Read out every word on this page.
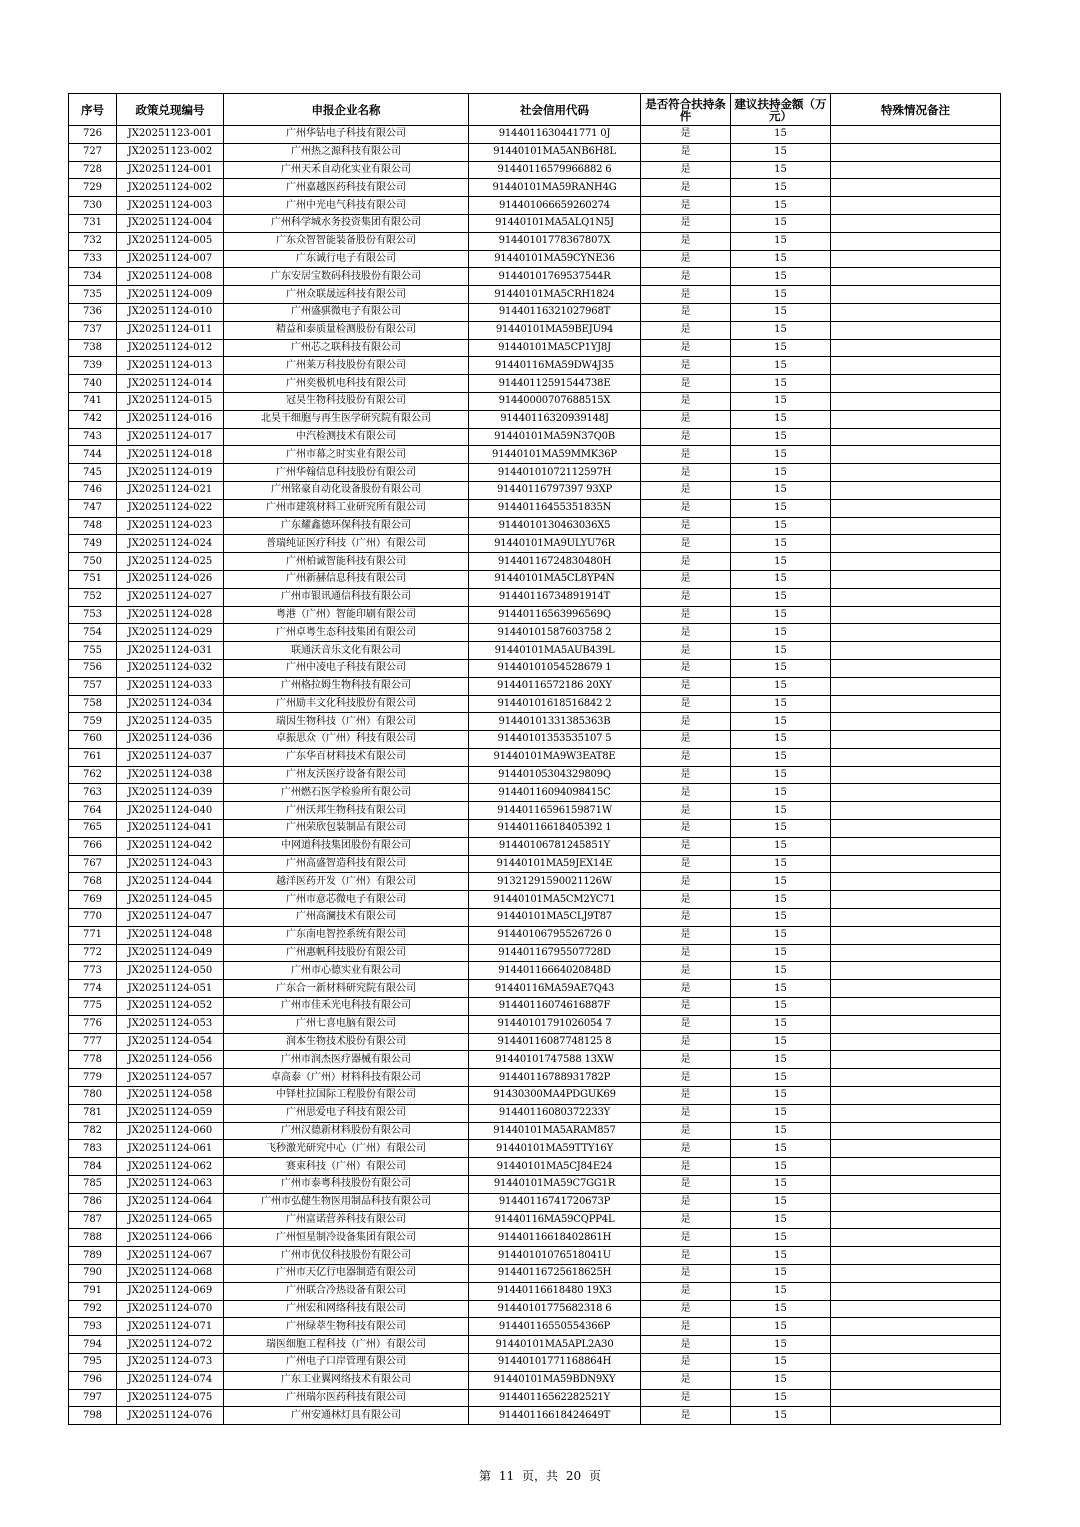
序号	政策兑现编号	申报企业名称	社会信用代码	是否符合扶持条件	建议扶持金额（万元）	特殊情况备注
726	JX20251123-001	广州华钻电子科技有限公司	9144011630441771 0J	是	15	
727	JX20251123-002	广州热之源科技有限公司	91440101MA5ANB6H8L	是	15	
728	JX20251124-001	广州天禾自动化实业有限公司	91440116579966882 6	是	15	
729	JX20251124-002	广州嘉越医药科技有限公司	91440101MA59RANH4G	是	15	
730	JX20251124-003	广州中光电气科技有限公司	914401066659260274	是	15	
731	JX20251124-004	广州科学城水务投资集团有限公司	91440101MA5ALQ1N5J	是	15	
732	JX20251124-005	广东众智智能装备股份有限公司	91440101778367807X	是	15	
733	JX20251124-007	广东诚行电子有限公司	91440101MA59CYNE36	是	15	
734	JX20251124-008	广东安居宝数码科技股份有限公司	91440101769537544R	是	15	
735	JX20251124-009	广州众联晟远科技有限公司	91440101MA5CRH1824	是	15	
736	JX20251124-010	广州盛骐微电子有限公司	91440116321027968T	是	15	
737	JX20251124-011	精益和泰质量检测股份有限公司	91440101MA59BEJU94	是	15	
738	JX20251124-012	广州芯之联科技有限公司	91440101MA5CP1YJ8J	是	15	
739	JX20251124-013	广州莱万科技股份有限公司	91440116MA59DW4J35	是	15	
740	JX20251124-014	广州奕极机电科技有限公司	91440112591544738E	是	15	
741	JX20251124-015	冠昊生物科技股份有限公司	91440000707688515X	是	15	
742	JX20251124-016	北昊干细胞与再生医学研究院有限公司	91440116320939148J	是	15	
743	JX20251124-017	中汽检测技术有限公司	91440101MA59N37Q0B	是	15	
744	JX20251124-018	广州市幕之时实业有限公司	91440101MA59MMK36P	是	15	
745	JX20251124-019	广州华翰信息科技股份有限公司	91440101072112597H	是	15	
746	JX20251124-021	广州铭豪自动化设备股份有限公司	91440116797397 93XP	是	15	
747	JX20251124-022	广州市建筑材料工业研究所有限公司	91440116455351835N	是	15	
748	JX20251124-023	广东耀鑫德环保科技有限公司	9144010130463036X5	是	15	
749	JX20251124-024	普瑞纯证医疗科技（广州）有限公司	91440101MA9ULYU76R	是	15	
750	JX20251124-025	广州柏诚智能科技有限公司	91440116724830480H	是	15	
751	JX20251124-026	广州新赫信息科技有限公司	91440101MA5CL8YP4N	是	15	
752	JX20251124-027	广州市银讯通信科技有限公司	91440116734891914T	是	15	
753	JX20251124-028	粤港（广州）智能印刷有限公司	91440116563996569Q	是	15	
754	JX20251124-029	广州卓粤生态科技集团有限公司	91440101587603758 2	是	15	
755	JX20251124-031	联通沃音乐文化有限公司	91440101MA5AUB439L	是	15	
756	JX20251124-032	广州中凌电子科技有限公司	91440101054528679 1	是	15	
757	JX20251124-033	广州格拉姆生物科技有限公司	91440116572186 20XY	是	15	
758	JX20251124-034	广州励丰文化科技股份有限公司	91440101618516842 2	是	15	
759	JX20251124-035	瑞因生物科技（广州）有限公司	91440101331385363B	是	15	
760	JX20251124-036	卓振思众（广州）科技有限公司	91440101353535107 5	是	15	
761	JX20251124-037	广东华百材料技术有限公司	91440101MA9W3EAT8E	是	15	
762	JX20251124-038	广州友沃医疗设备有限公司	91440105304329809Q	是	15	
763	JX20251124-039	广州燃石医学检验所有限公司	91440116094098415C	是	15	
764	JX20251124-040	广州沃邦生物科技有限公司	91440116596159871W	是	15	
765	JX20251124-041	广州荣欣包装制品有限公司	91440116618405392 1	是	15	
766	JX20251124-042	中网道科技集团股份有限公司	91440106781245851Y	是	15	
767	JX20251124-043	广州高盛智造科技有限公司	91440101MA59JEX14E	是	15	
768	JX20251124-044	越洋医药开发（广州）有限公司	91321291590021126W	是	15	
769	JX20251124-045	广州市意芯微电子有限公司	91440101MA5CM2YC71	是	15	
770	JX20251124-047	广州高澜技术有限公司	91440101MA5CLJ9T87	是	15	
771	JX20251124-048	广东南电智控系统有限公司	91440106795526726 0	是	15	
772	JX20251124-049	广州惠帆科技股份有限公司	91440116795507728D	是	15	
773	JX20251124-050	广州市心德实业有限公司	91440116664020848D	是	15	
774	JX20251124-051	广东合一新材料研究院有限公司	91440116MA59AE7Q43	是	15	
775	JX20251124-052	广州市佳禾光电科技有限公司	91440116074616887F	是	15	
776	JX20251124-053	广州七喜电脑有限公司	91440101791026054 7	是	15	
777	JX20251124-054	润本生物技术股份有限公司	91440116087748125 8	是	15	
778	JX20251124-056	广州市润杰医疗器械有限公司	91440101747588 13XW	是	15	
779	JX20251124-057	卓高泰（广州）材料科技有限公司	91440116788931782P	是	15	
780	JX20251124-058	中铎杜拉国际工程股份有限公司	91430300MA4PDGUK69	是	15	
781	JX20251124-059	广州思爱电子科技有限公司	91440116080372233Y	是	15	
782	JX20251124-060	广州汉德新材料股份有限公司	91440101MA5ARAM857	是	15	
783	JX20251124-061	飞秒激光研究中心（广州）有限公司	91440101MA59TTY16Y	是	15	
784	JX20251124-062	赛束科技（广州）有限公司	91440101MA5CJ84E24	是	15	
785	JX20251124-063	广州市泰粤科技股份有限公司	91440101MA59C7GG1R	是	15	
786	JX20251124-064	广州市弘健生物医用制品科技有限公司	91440116741720673P	是	15	
787	JX20251124-065	广州富诺营养科技有限公司	91440116MA59CQPP4L	是	15	
788	JX20251124-066	广州恒星制冷设备集团有限公司	91440116618402861H	是	15	
789	JX20251124-067	广州市优仪科技股份有限公司	91440101076518041U	是	15	
790	JX20251124-068	广州市天亿行电器制造有限公司	91440116725618625H	是	15	
791	JX20251124-069	广州联合冷热设备有限公司	91440116618480 19X3	是	15	
792	JX20251124-070	广州宏和网络科技有限公司	91440101775682318 6	是	15	
793	JX20251124-071	广州绿萃生物科技有限公司	91440116550554366P	是	15	
794	JX20251124-072	瑞医细胞工程科技（广州）有限公司	91440101MA5APL2A30	是	15	
795	JX20251124-073	广州电子口岸管理有限公司	91440101771168864H	是	15	
796	JX20251124-074	广东工业翼网络技术有限公司	91440101MA59BDN9XY	是	15	
797	JX20251124-075	广州瑞尔医药科技有限公司	91440116562282521Y	是	15	
798	JX20251124-076	广州安通林灯具有限公司	91440116618424649T	是	15	
第 11 页，共 20 页
